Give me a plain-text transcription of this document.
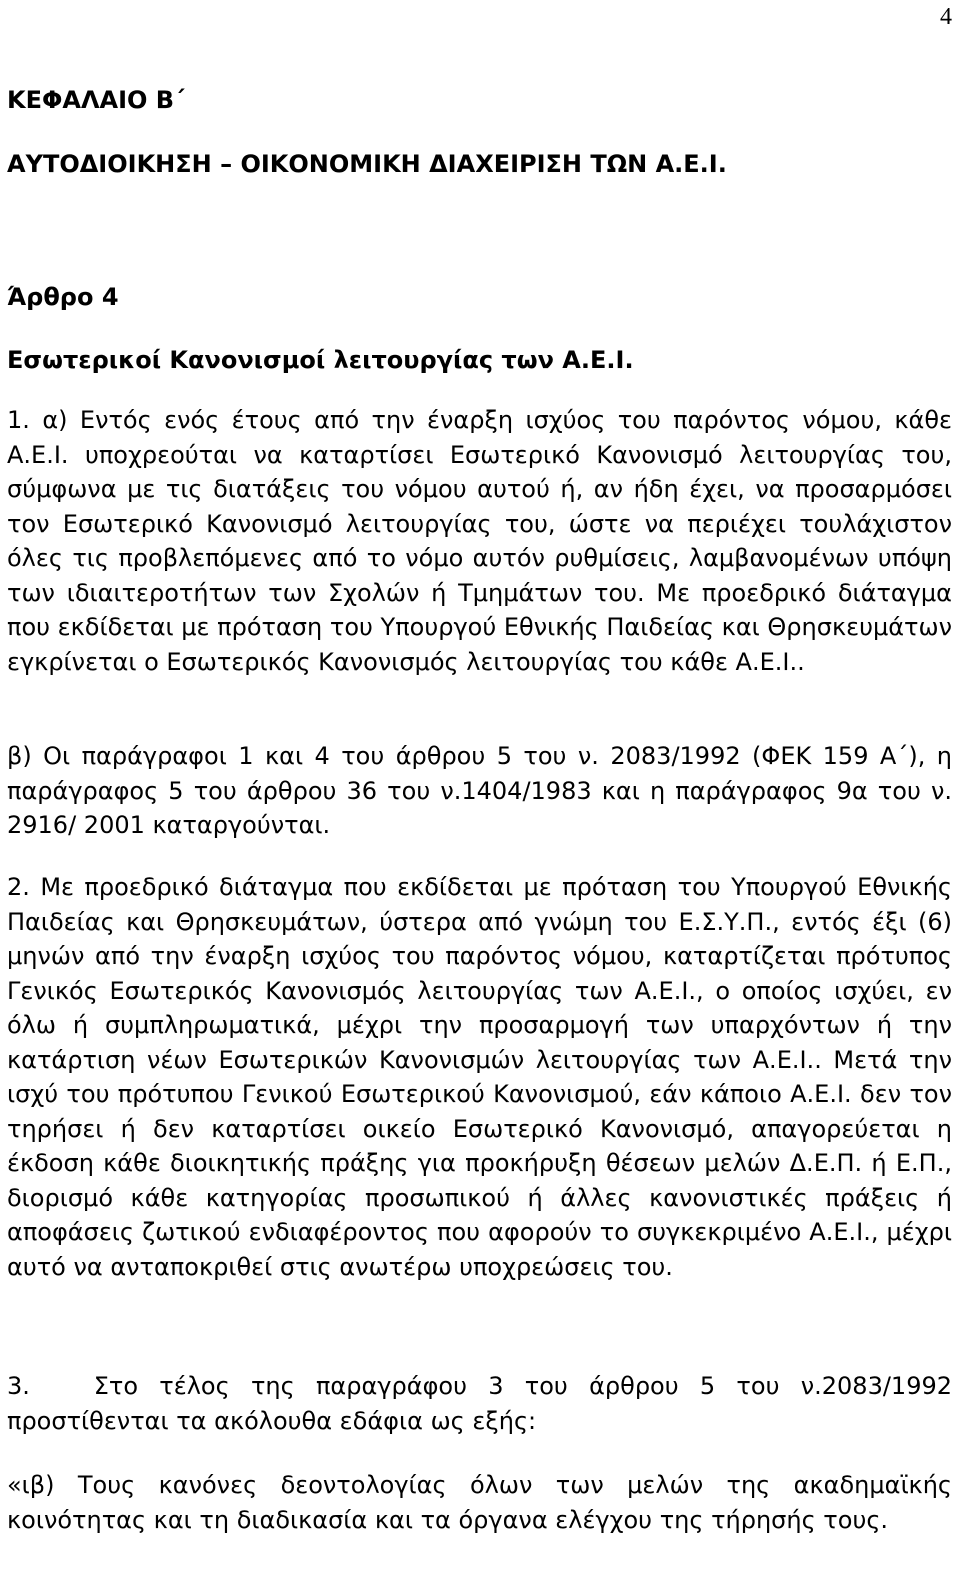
4
ΚΕΦΑΛΑΙΟ Β΄
ΑΥΤΟΔΙΟΙΚΗΣΗ – ΟΙΚΟΝΟΜΙΚΗ ΔΙΑΧΕΙΡΙΣΗ ΤΩΝ Α.Ε.Ι.
Άρθρο 4
Εσωτερικοί Κανονισμοί λειτουργίας των Α.Ε.Ι.
1. α) Εντός ενός έτους από την έναρξη ισχύος του παρόντος νόμου, κάθε Α.Ε.Ι. υποχρεούται να καταρτίσει Εσωτερικό Κανονισμό λειτουργίας του, σύμφωνα με τις διατάξεις του νόμου αυτού ή, αν ήδη έχει, να προσαρμόσει τον Εσωτερικό Κανονισμό λειτουργίας του, ώστε να περιέχει τουλάχιστον όλες τις προβλεπόμενες από το νόμο αυτόν ρυθμίσεις, λαμβανομένων υπόψη των ιδιαιτεροτήτων των Σχολών ή Τμημάτων του. Με προεδρικό διάταγμα που εκδίδεται με πρόταση του Υπουργού Εθνικής Παιδείας και Θρησκευμάτων εγκρίνεται ο Εσωτερικός Κανονισμός λειτουργίας του κάθε Α.Ε.Ι..
β) Οι παράγραφοι 1 και 4 του άρθρου 5 του ν. 2083/1992 (ΦΕΚ 159 Α΄), η παράγραφος 5 του άρθρου 36 του ν.1404/1983 και η παράγραφος 9α του ν. 2916/ 2001 καταργούνται.
2. Με προεδρικό διάταγμα που εκδίδεται με πρόταση του Υπουργού Εθνικής Παιδείας και Θρησκευμάτων, ύστερα από γνώμη του Ε.Σ.Υ.Π., εντός έξι (6) μηνών από την έναρξη ισχύος του παρόντος νόμου, καταρτίζεται πρότυπος Γενικός Εσωτερικός Κανονισμός λειτουργίας των Α.Ε.Ι., ο οποίος ισχύει, εν όλω ή συμπληρωματικά, μέχρι την προσαρμογή των υπαρχόντων ή την κατάρτιση νέων Εσωτερικών Κανονισμών λειτουργίας των Α.Ε.Ι.. Μετά την ισχύ του πρότυπου Γενικού Εσωτερικού Κανονισμού, εάν κάποιο Α.Ε.Ι. δεν τον τηρήσει ή δεν καταρτίσει οικείο Εσωτερικό Κανονισμό, απαγορεύεται η έκδοση κάθε διοικητικής πράξης για προκήρυξη θέσεων μελών Δ.Ε.Π. ή Ε.Π., διορισμό κάθε κατηγορίας προσωπικού ή άλλες κανονιστικές πράξεις ή αποφάσεις ζωτικού ενδιαφέροντος που αφορούν το συγκεκριμένο Α.Ε.Ι., μέχρι αυτό να ανταποκριθεί στις ανωτέρω υποχρεώσεις του.
3.	Στο τέλος της παραγράφου 3 του άρθρου 5 του ν.2083/1992 προστίθενται τα ακόλουθα εδάφια ως εξής:
«ιβ) Τους κανόνες δεοντολογίας όλων των μελών της ακαδημαϊκής κοινότητας και τη διαδικασία και τα όργανα ελέγχου της τήρησής τους.
